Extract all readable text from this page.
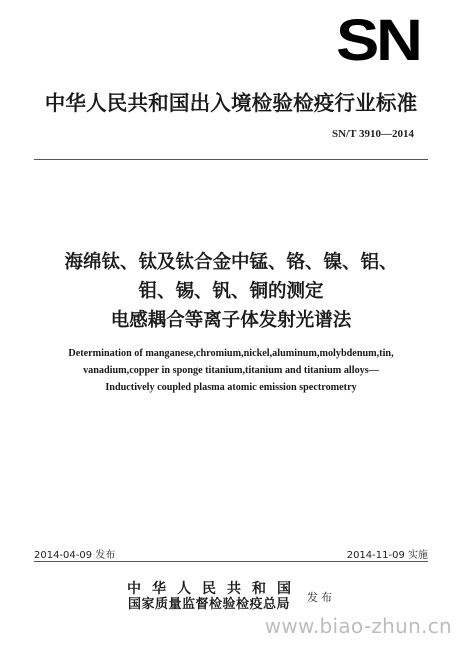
SN
中华人民共和国出入境检验检疫行业标准
SN/T 3910—2014
海绵钛、钛及钛合金中锰、铬、镍、铝、
钼、锡、钒、铜的测定
电感耦合等离子体发射光谱法
Determination of manganese,chromium,nickel,aluminum,molybdenum,tin,
vanadium,copper in sponge titanium,titanium and titanium alloys—
Inductively coupled plasma atomic emission spectrometry
2014-04-09 发布	2014-11-09 实施
中华人民共和国
国家质量监督检验检疫总局 发布
www.biao-zhun.cn
